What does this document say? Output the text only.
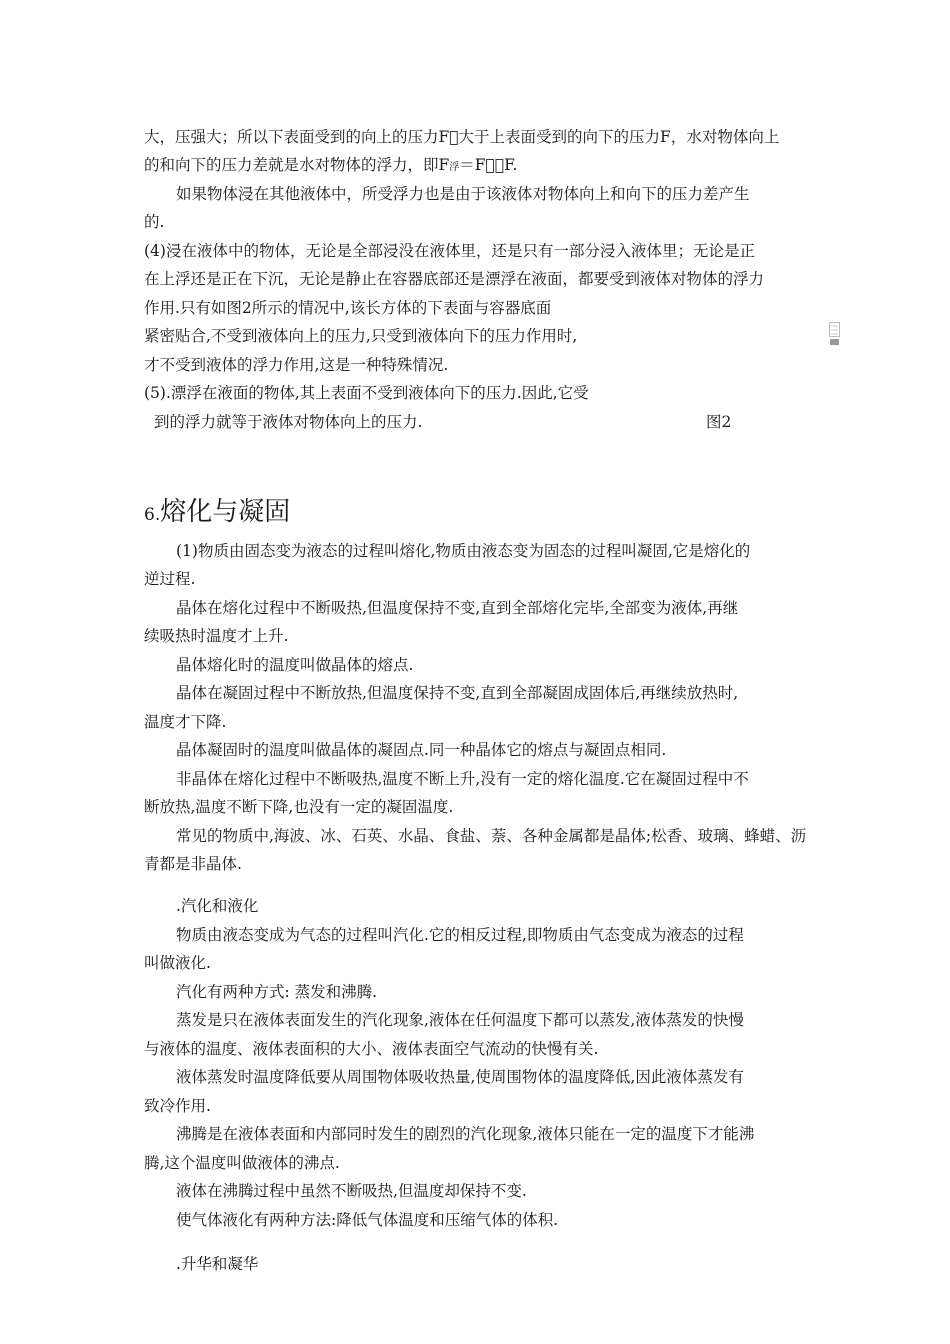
大，压强大；所以下表面受到的向上的压力F 大于上表面受到的向下的压力F，水对物体向上
的和向下的压力差就是水对物体的浮力，即F浮＝F －F.
如果物体浸在其他液体中，所受浮力也是由于该液体对物体向上和向下的压力差产生
的.
(4)浸在液体中的物体，无论是全部浸没在液体里，还是只有一部分浸入液体里；无论是正
在上浮还是正在下沉，无论是静止在容器底部还是漂浮在液面，都要受到液体对物体的浮力
作用.只有如图2所示的情况中,该长方体的下表面与容器底面
紧密贴合,不受到液体向上的压力,只受到液体向下的压力作用时,
才不受到液体的浮力作用,这是一种特殊情况.
(5).漂浮在液面的物体,其上表面不受到液体向下的压力.因此,它受
到的浮力就等于液体对物体向上的压力.	图2
6.熔化与凝固
(1)物质由固态变为液态的过程叫熔化,物质由液态变为固态的过程叫凝固,它是熔化的
逆过程.
晶体在熔化过程中不断吸热,但温度保持不变,直到全部熔化完毕,全部变为液体,再继
续吸热时温度才上升.
晶体熔化时的温度叫做晶体的熔点.
晶体在凝固过程中不断放热,但温度保持不变,直到全部凝固成固体后,再继续放热时,
温度才下降.
晶体凝固时的温度叫做晶体的凝固点.同一种晶体它的熔点与凝固点相同.
非晶体在熔化过程中不断吸热,温度不断上升,没有一定的熔化温度.它在凝固过程中不
断放热,温度不断下降,也没有一定的凝固温度.
常见的物质中,海波、冰、石英、水晶、食盐、萘、各种金属都是晶体;松香、玻璃、蜂蜡、沥
青都是非晶体.
.汽化和液化
物质由液态变成为气态的过程叫汽化.它的相反过程,即物质由气态变成为液态的过程
叫做液化.
汽化有两种方式: 蒸发和沸腾.
蒸发是只在液体表面发生的汽化现象,液体在任何温度下都可以蒸发,液体蒸发的快慢
与液体的温度、液体表面积的大小、液体表面空气流动的快慢有关.
液体蒸发时温度降低要从周围物体吸收热量,使周围物体的温度降低,因此液体蒸发有
致冷作用.
沸腾是在液体表面和内部同时发生的剧烈的汽化现象,液体只能在一定的温度下才能沸
腾,这个温度叫做液体的沸点.
液体在沸腾过程中虽然不断吸热,但温度却保持不变.
使气体液化有两种方法:降低气体温度和压缩气体的体积.
.升华和凝华
